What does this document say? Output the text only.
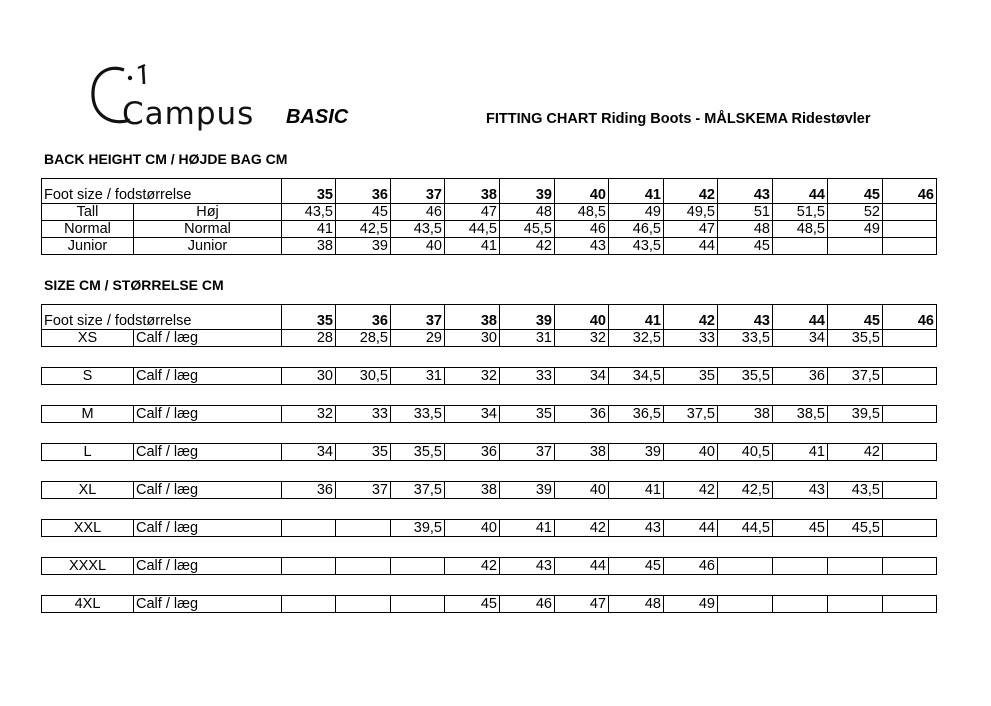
Campus BASIC	FITTING CHART Riding Boots - MÅLSKEMA Ridestøvler
BACK HEIGHT CM / HØJDE BAG CM
Foot size / fodstørrelse		35	36	37	38	39	40	41	42	43	44	45	46
Tall	Høj	43,5	45	46	47	48	48,5	49	49,5	51	51,5	52	
Normal	Normal	41	42,5	43,5	44,5	45,5	46	46,5	47	48	48,5	49	
Junior	Junior	38	39	40	41	42	43	43,5	44	45			
SIZE CM / STØRRELSE CM
Foot size / fodstørrelse		35	36	37	38	39	40	41	42	43	44	45	46
XS	Calf / læg	28	28,5	29	30	31	32	32,5	33	33,5	34	35,5	

S	Calf / læg	30	30,5	31	32	33	34	34,5	35	35,5	36	37,5	

M	Calf / læg	32	33	33,5	34	35	36	36,5	37,5	38	38,5	39,5	

L	Calf / læg	34	35	35,5	36	37	38	39	40	40,5	41	42	

XL	Calf / læg	36	37	37,5	38	39	40	41	42	42,5	43	43,5	

XXL	Calf / læg			39,5	40	41	42	43	44	44,5	45	45,5	

XXXL	Calf / læg				42	43	44	45	46				

4XL	Calf / læg				45	46	47	48	49				
